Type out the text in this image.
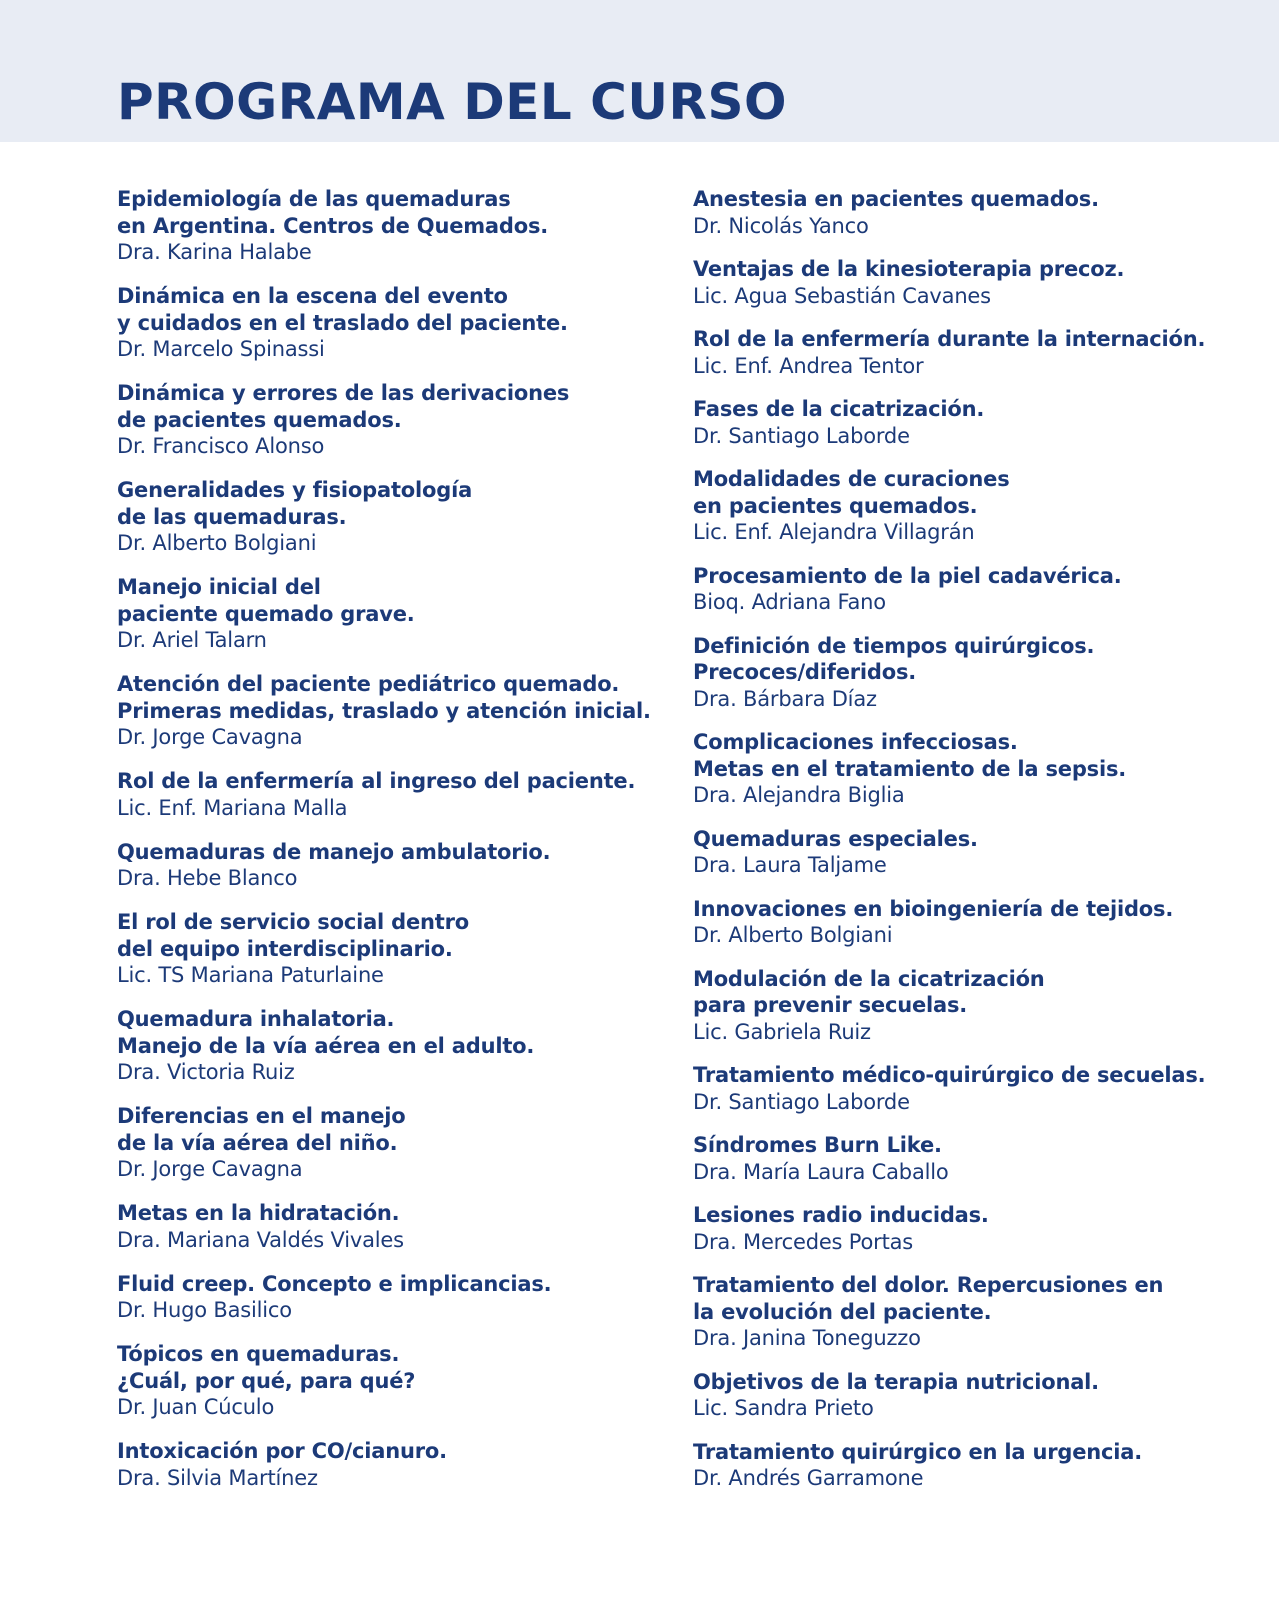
PROGRAMA DEL CURSO
Epidemiología de las quemaduras
en Argentina. Centros de Quemados.
Dra. Karina Halabe
Dinámica en la escena del evento
y cuidados en el traslado del paciente.
Dr. Marcelo Spinassi
Dinámica y errores de las derivaciones
de pacientes quemados.
Dr. Francisco Alonso
Generalidades y fisiopatología
de las quemaduras.
Dr. Alberto Bolgiani
Manejo inicial del
paciente quemado grave.
Dr. Ariel Talarn
Atención del paciente pediátrico quemado.
Primeras medidas, traslado y atención inicial.
Dr. Jorge Cavagna
Rol de la enfermería al ingreso del paciente.
Lic. Enf. Mariana Malla
Quemaduras de manejo ambulatorio.
Dra. Hebe Blanco
El rol de servicio social dentro
del equipo interdisciplinario.
Lic. TS Mariana Paturlaine
Quemadura inhalatoria.
Manejo de la vía aérea en el adulto.
Dra. Victoria Ruiz
Diferencias en el manejo
de la vía aérea del niño.
Dr. Jorge Cavagna
Metas en la hidratación.
Dra. Mariana Valdés Vivales
Fluid creep. Concepto e implicancias.
Dr. Hugo Basilico
Tópicos en quemaduras.
¿Cuál, por qué, para qué?
Dr. Juan Cúculo
Intoxicación por CO/cianuro.
Dra. Silvia Martínez
Anestesia en pacientes quemados.
Dr. Nicolás Yanco
Ventajas de la kinesioterapia precoz.
Lic. Agua Sebastián Cavanes
Rol de la enfermería durante la internación.
Lic. Enf. Andrea Tentor
Fases de la cicatrización.
Dr. Santiago Laborde
Modalidades de curaciones
en pacientes quemados.
Lic. Enf. Alejandra Villagrán
Procesamiento de la piel cadavérica.
Bioq. Adriana Fano
Definición de tiempos quirúrgicos.
Precoces/diferidos.
Dra. Bárbara Díaz
Complicaciones infecciosas.
Metas en el tratamiento de la sepsis.
Dra. Alejandra Biglia
Quemaduras especiales.
Dra. Laura Taljame
Innovaciones en bioingeniería de tejidos.
Dr. Alberto Bolgiani
Modulación de la cicatrización
para prevenir secuelas.
Lic. Gabriela Ruiz
Tratamiento médico-quirúrgico de secuelas.
Dr. Santiago Laborde
Síndromes Burn Like.
Dra. María Laura Caballo
Lesiones radio inducidas.
Dra. Mercedes Portas
Tratamiento del dolor. Repercusiones en
la evolución del paciente.
Dra. Janina Toneguzzo
Objetivos de la terapia nutricional.
Lic. Sandra Prieto
Tratamiento quirúrgico en la urgencia.
Dr. Andrés Garramone
